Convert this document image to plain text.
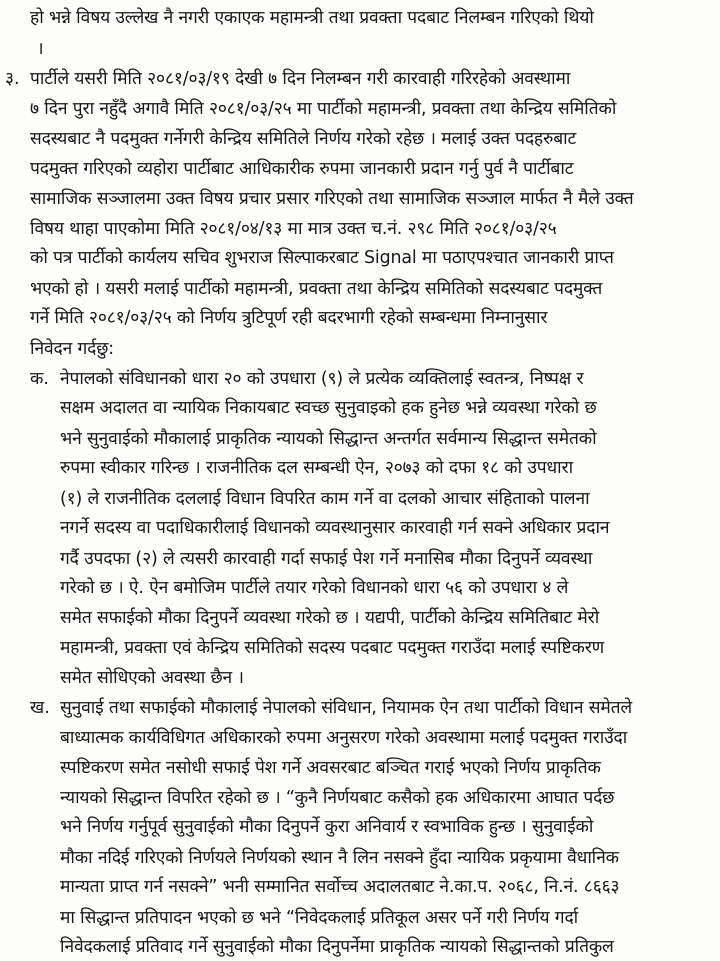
हो भन्ने विषय उल्लेख नै नगरी एकाएक महामन्त्री तथा प्रवक्ता पदबाट निलम्बन गरिएको थियो
।
३. पार्टीले यसरी मिति २०८१/०३/१९ देखी ७ दिन निलम्बन गरी कारवाही गरिरहेको अवस्थामा
७ दिन पुरा नहुँदै अगावै मिति २०८१/०३/२५ मा पार्टीको महामन्त्री, प्रवक्ता तथा केन्द्रिय समितिको
सदस्यबाट नै पदमुक्त गर्नेगरी केन्द्रिय समितिले निर्णय गरेको रहेछ । मलाई उक्त पदहरुबाट
पदमुक्त गरिएको व्यहोरा पार्टीबाट आधिकारीक रुपमा जानकारी प्रदान गर्नु पुर्व नै पार्टीबाट
सामाजिक सञ्जालमा उक्त विषय प्रचार प्रसार गरिएको तथा सामाजिक सञ्जाल मार्फत नै मैले उक्त
विषय थाहा पाएकोमा मिति २०८१/०४/१३ मा मात्र उक्त च.नं. २९८ मिति २०८१/०३/२५
को पत्र पार्टीको कार्यलय सचिव शुभराज सिल्पाकरबाट Signal मा पठाएपश्चात जानकारी प्राप्त
भएको हो । यसरी मलाई पार्टीको महामन्त्री, प्रवक्ता तथा केन्द्रिय समितिको सदस्यबाट पदमुक्त
गर्ने मिति २०८१/०३/२५ को निर्णय त्रुटिपूर्ण रही बदरभागी रहेको सम्बन्धमा निम्नानुसार
निवेदन गर्दछु:
क. नेपालको संविधानको धारा २० को उपधारा (९) ले प्रत्येक व्यक्तिलाई स्वतन्त्र, निष्पक्ष र
सक्षम अदालत वा न्यायिक निकायबाट स्वच्छ सुनुवाइको हक हुनेछ भन्ने व्यवस्था गरेको छ
भने सुनुवाईको मौकालाई प्राकृतिक न्यायको सिद्धान्त अन्तर्गत सर्वमान्य सिद्धान्त समेतको
रुपमा स्वीकार गरिन्छ । राजनीतिक दल सम्बन्धी ऐन, २०७३ को दफा १८ को उपधारा
(१) ले राजनीतिक दललाई विधान विपरित काम गर्ने वा दलको आचार संहिताको पालना
नगर्ने सदस्य वा पदाधिकारीलाई विधानको व्यवस्थानुसार कारवाही गर्न सक्ने अधिकार प्रदान
गर्दै उपदफा (२) ले त्यसरी कारवाही गर्दा सफाई पेश गर्ने मनासिब मौका दिनुपर्ने व्यवस्था
गरेको छ । ऐ. ऐन बमोजिम पार्टीले तयार गरेको विधानको धारा ५६ को उपधारा ४ ले
समेत सफाईको मौका दिनुपर्ने व्यवस्था गरेको छ । यद्यपी, पार्टीको केन्द्रिय समितिबाट मेरो
महामन्त्री, प्रवक्ता एवं केन्द्रिय समितिको सदस्य पदबाट पदमुक्त गराउँदा मलाई स्पष्टिकरण
समेत सोधिएको अवस्था छैन ।
ख. सुनुवाई तथा सफाईको मौकालाई नेपालको संविधान, नियामक ऐन तथा पार्टीको विधान समेतले
बाध्यात्मक कार्यविधिगत अधिकारको रुपमा अनुसरण गरेको अवस्थामा मलाई पदमुक्त गराउँदा
स्पष्टिकरण समेत नसोधी सफाई पेश गर्ने अवसरबाट बञ्चित गराई भएको निर्णय प्राकृतिक
न्यायको सिद्धान्त विपरित रहेको छ । “कुनै निर्णयबाट कसैको हक अधिकारमा आघात पर्दछ
भने निर्णय गर्नुपूर्व सुनुवाईको मौका दिनुपर्ने कुरा अनिवार्य र स्वभाविक हुन्छ । सुनुवाईको
मौका नदिई गरिएको निर्णयले निर्णयको स्थान नै लिन नसक्ने हुँदा न्यायिक प्रकृयामा वैधानिक
मान्यता प्राप्त गर्न नसक्ने” भनी सम्मानित सर्वोच्च अदालतबाट ने.का.प. २०६८, नि.नं. ८६६३
मा सिद्धान्त प्रतिपादन भएको छ भने “निवेदकलाई प्रतिकूल असर पर्ने गरी निर्णय गर्दा
निवेदकलाई प्रतिवाद गर्ने सुनुवाईको मौका दिनुपर्नेमा प्राकृतिक न्यायको सिद्धान्तको प्रतिकुल
